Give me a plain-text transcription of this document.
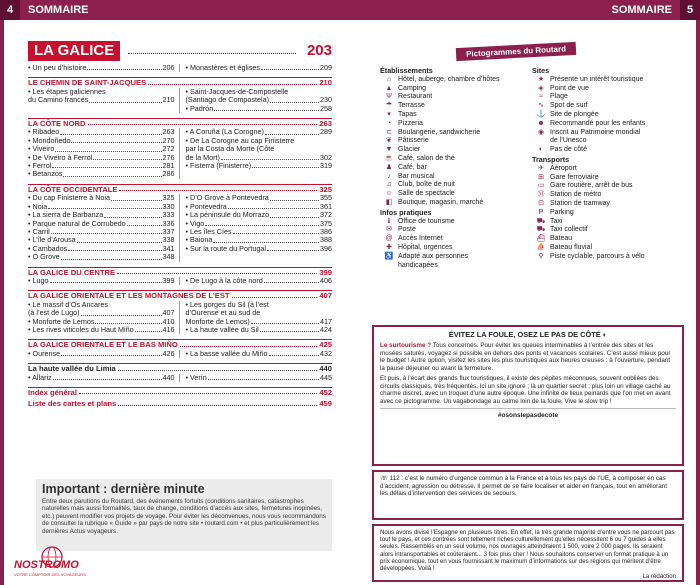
4	SOMMAIRE
LA GALICE	203
• Un peu d’histoire	206 • Monastères et églises	209
LE CHEMIN DE SAINT-JACQUES	210
• Les étapes galiciennes
du Camino francés	210
• Saint-Jacques-de-Compostelle
(Santiago de Compostela)	230
• Padrón	258
LA CÔTE NORD	263
• Ribadeo	263
• Mondoñedo	270
• Viveiro	272
• De Viveiro à Ferrol	276
• Ferrol	281
• Betanzos	286
• A Coruña (La Corogne)	289
• De La Corogne au cap Finisterre
par la Costa da Morte (Côte
de la Mort)	302
• Fisterra (Finisterre)	319
LA CÔTE OCCIDENTALE	325
• Du cap Finisterre à Noia	325
• Noia	330
• La sierra de Barbanza	333
• Parque natural de Corrubedo	336
• Carril	337
• L’île d’Arousa	338
• Cambados	341
• O Grove	348
• D’O Grove à Pontevedra	355
• Pontevedra	361
• La péninsule du Morrazo	372
• Vigo	375
• Les îles Cíes	386
• Baiona	388
• Sur la route du Portugal	396
LA GALICE DU CENTRE	399
• Lugo	399 • De Lugo à la côte nord	406
LA GALICE ORIENTALE ET LES MONTAGNES DE L’EST	407
• Le massif d’Os Ancares
(à l’est de Lugo)	407
• Monforte de Lemos	410
• Les rives viticoles du Haut Miño	416
• Les gorges du Sil (à l’est
d’Ourense et au sud de
Monforte de Lemos)	417
• La haute vallée du Sil	424
LA GALICE ORIENTALE ET LE BAS MIÑO	425
• Ourense	426 • La basse vallée du Miño	432
La haute vallée du Limia	440
• Allariz	440 • Verín	445
Index général	452
Liste des cartes et plans	459
Important : dernière minute

Entre deux parutions du Routard, des événements fortuits (conditions sanitaires, catastrophes naturelles mais aussi formalités, taux de change, conditions d’accès aux sites, fermetures inopinées, etc.) peuvent modifier vos projets de voyage. Pour éviter les déconvenues, nous vous recommandons de consulter la rubrique « Guide » par pays de notre site • routard.com • et plus particulièrement les dernières Actus voyageurs.

NOSTROMO
VOTRE COMPTOIR DES VOYAGEURS
SOMMAIRE	5
Pictogrammes du Routard
Établissements
⌂ Hôtel, auberge, chambre d’hôtes
▲ Camping
Ψ Restaurant
☂ Terrasse
▾	Tapas
◔ Pizzeria
⊂ Boulangerie, sandwicherie
❦ Pâtisserie
▼ Glacier
☕ Café, salon de thé
♟ Café, bar
♪	Bar musical
♫ Club, boîte de nuit
☺ Salle de spectacle
◧ Boutique, magasin, marché
Infos pratiques
ℹ	Office de tourisme
✉ Poste
@ Accès Internet
✚ Hôpital, urgences
♿ Adapté aux personnes
handicapées
Sites
★ Présente un intérêt touristique
◈ Point de vue
≈	Plage
∿ Spot de surf
⚓ Site de plongée
☻ Recommandé pour les enfants
◉ Inscrit au Patrimoine mondial
de l’Unesco
◐ Pas de côté
Transports
✈ Aéroport
⊞ Gare ferroviaire
▭ Gare routière, arrêt de bus
Ⓜ Station de métro
⊡ Station de tramway
P Parking
⛟ Taxi
⛟ Taxi collectif
⛴ Bateau
⛵ Bateau fluvial
⚲ Piste cyclable, parcours à vélo
ÉVITEZ LA FOULE, OSEZ LE PAS DE CÔTÉ ◐

Le surtourisme ? Tous concernés. Pour éviter les queues interminables à l’entrée des sites et les musées saturés, voyagez si possible en dehors des ponts et vacances scolaires. C’est aussi mieux pour le budget ! Autre option, visitez les sites les plus touristiques aux heures creuses : à l’ouverture, pendant la pause déjeuner ou avant la fermeture.

Et puis, à l’écart des grands flux touristiques, il existe des pépites méconnues, souvent oubliées des circuits classiques, très fréquentés. Ici un site ignoré ; là un quartier secret ; plus loin un village caché au charme discret, avec un troquet d’une autre époque. Une infinité de lieux peinards que l’on met en avant avec ce pictogramme. Un vagabondage au calme loin de la foule. Vive le slow trip !

#osonslepasdecote
☏ 112 : c’est le numéro d’urgence commun à la France et à tous les pays de l’UE, à composer en cas d’accident, agression ou détresse. Il permet de se faire localiser et aider en français, tout en améliorant les délais d’intervention des services de secours.
Nous avons divisé l’Espagne en plusieurs titres. En effet, la très grande majorité d’entre vous ne parcourt pas tout le pays, et ces contrées sont tellement riches culturellement qu’elles nécessitent 6 ou 7 guides à elles seules. Rassemblés en un seul volume, nos ouvrages atteindraient 1 500, voire 2 000 pages. Ils seraient alors intransportables et coûteraient... 3 fois plus cher ! Nous souhaitons conserver un format pratique à un prix économique, tout en vous fournissant le maximum d’informations sur des régions qui méritent d’être développées. Voilà !
La rédaction
